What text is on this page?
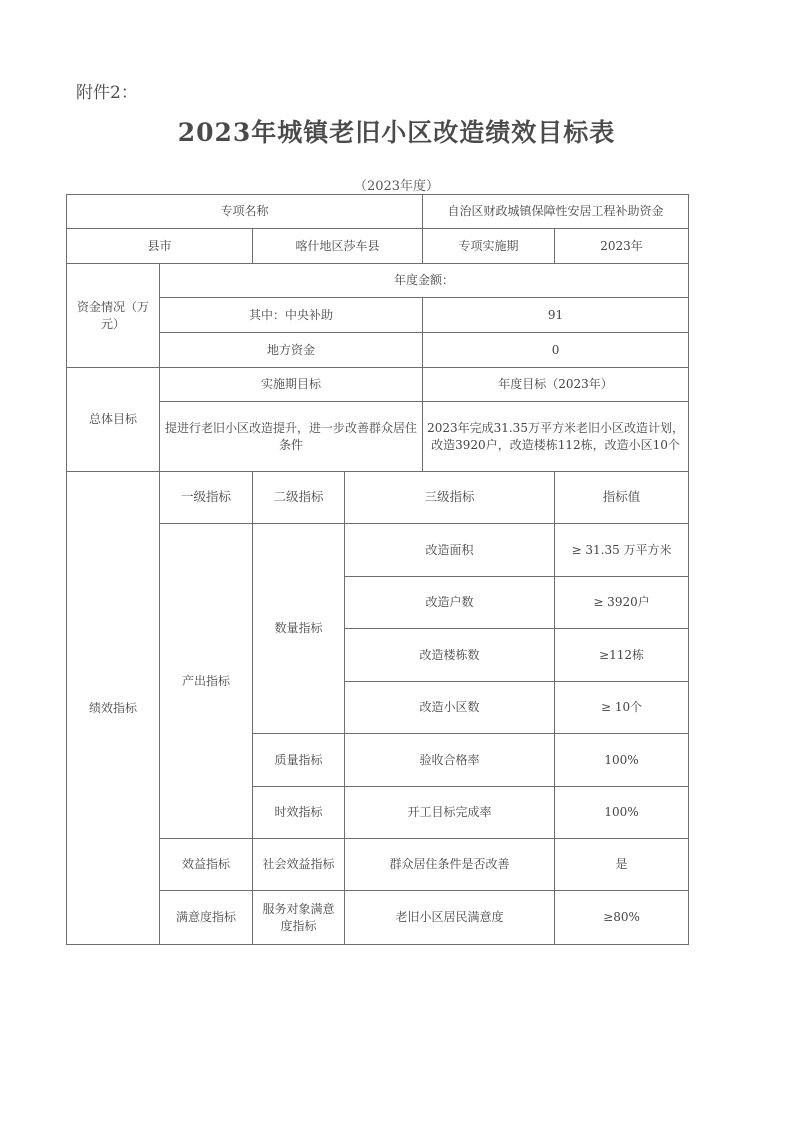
附件2：
2023年城镇老旧小区改造绩效目标表
（2023年度）
专项名称				自治区财政城镇保障性安居工程补助资金	
县市		喀什地区莎车县		专项实施期	2023年
资金情况（万元）	年度金额：				
	其中：中央补助			91	
	地方资金			0	
总体目标	实施期目标			年度目标（2023年）	
	提进行老旧小区改造提升，进一步改善群众居住条件			2023年完成31.35万平方米老旧小区改造计划，改造3920户，改造楼栋112栋，改造小区10个	
绩效指标	一级指标	二级指标	三级指标		指标值
	产出指标	数量指标	改造面积		≥ 31.35 万平方米
			改造户数		≥ 3920户
			改造楼栋数		≥112栋
			改造小区数		≥ 10个
		质量指标	验收合格率		100%
		时效指标	开工目标完成率		100%
	效益指标	社会效益指标	群众居住条件是否改善		是
	满意度指标	服务对象满意度指标	老旧小区居民满意度		≥80%
